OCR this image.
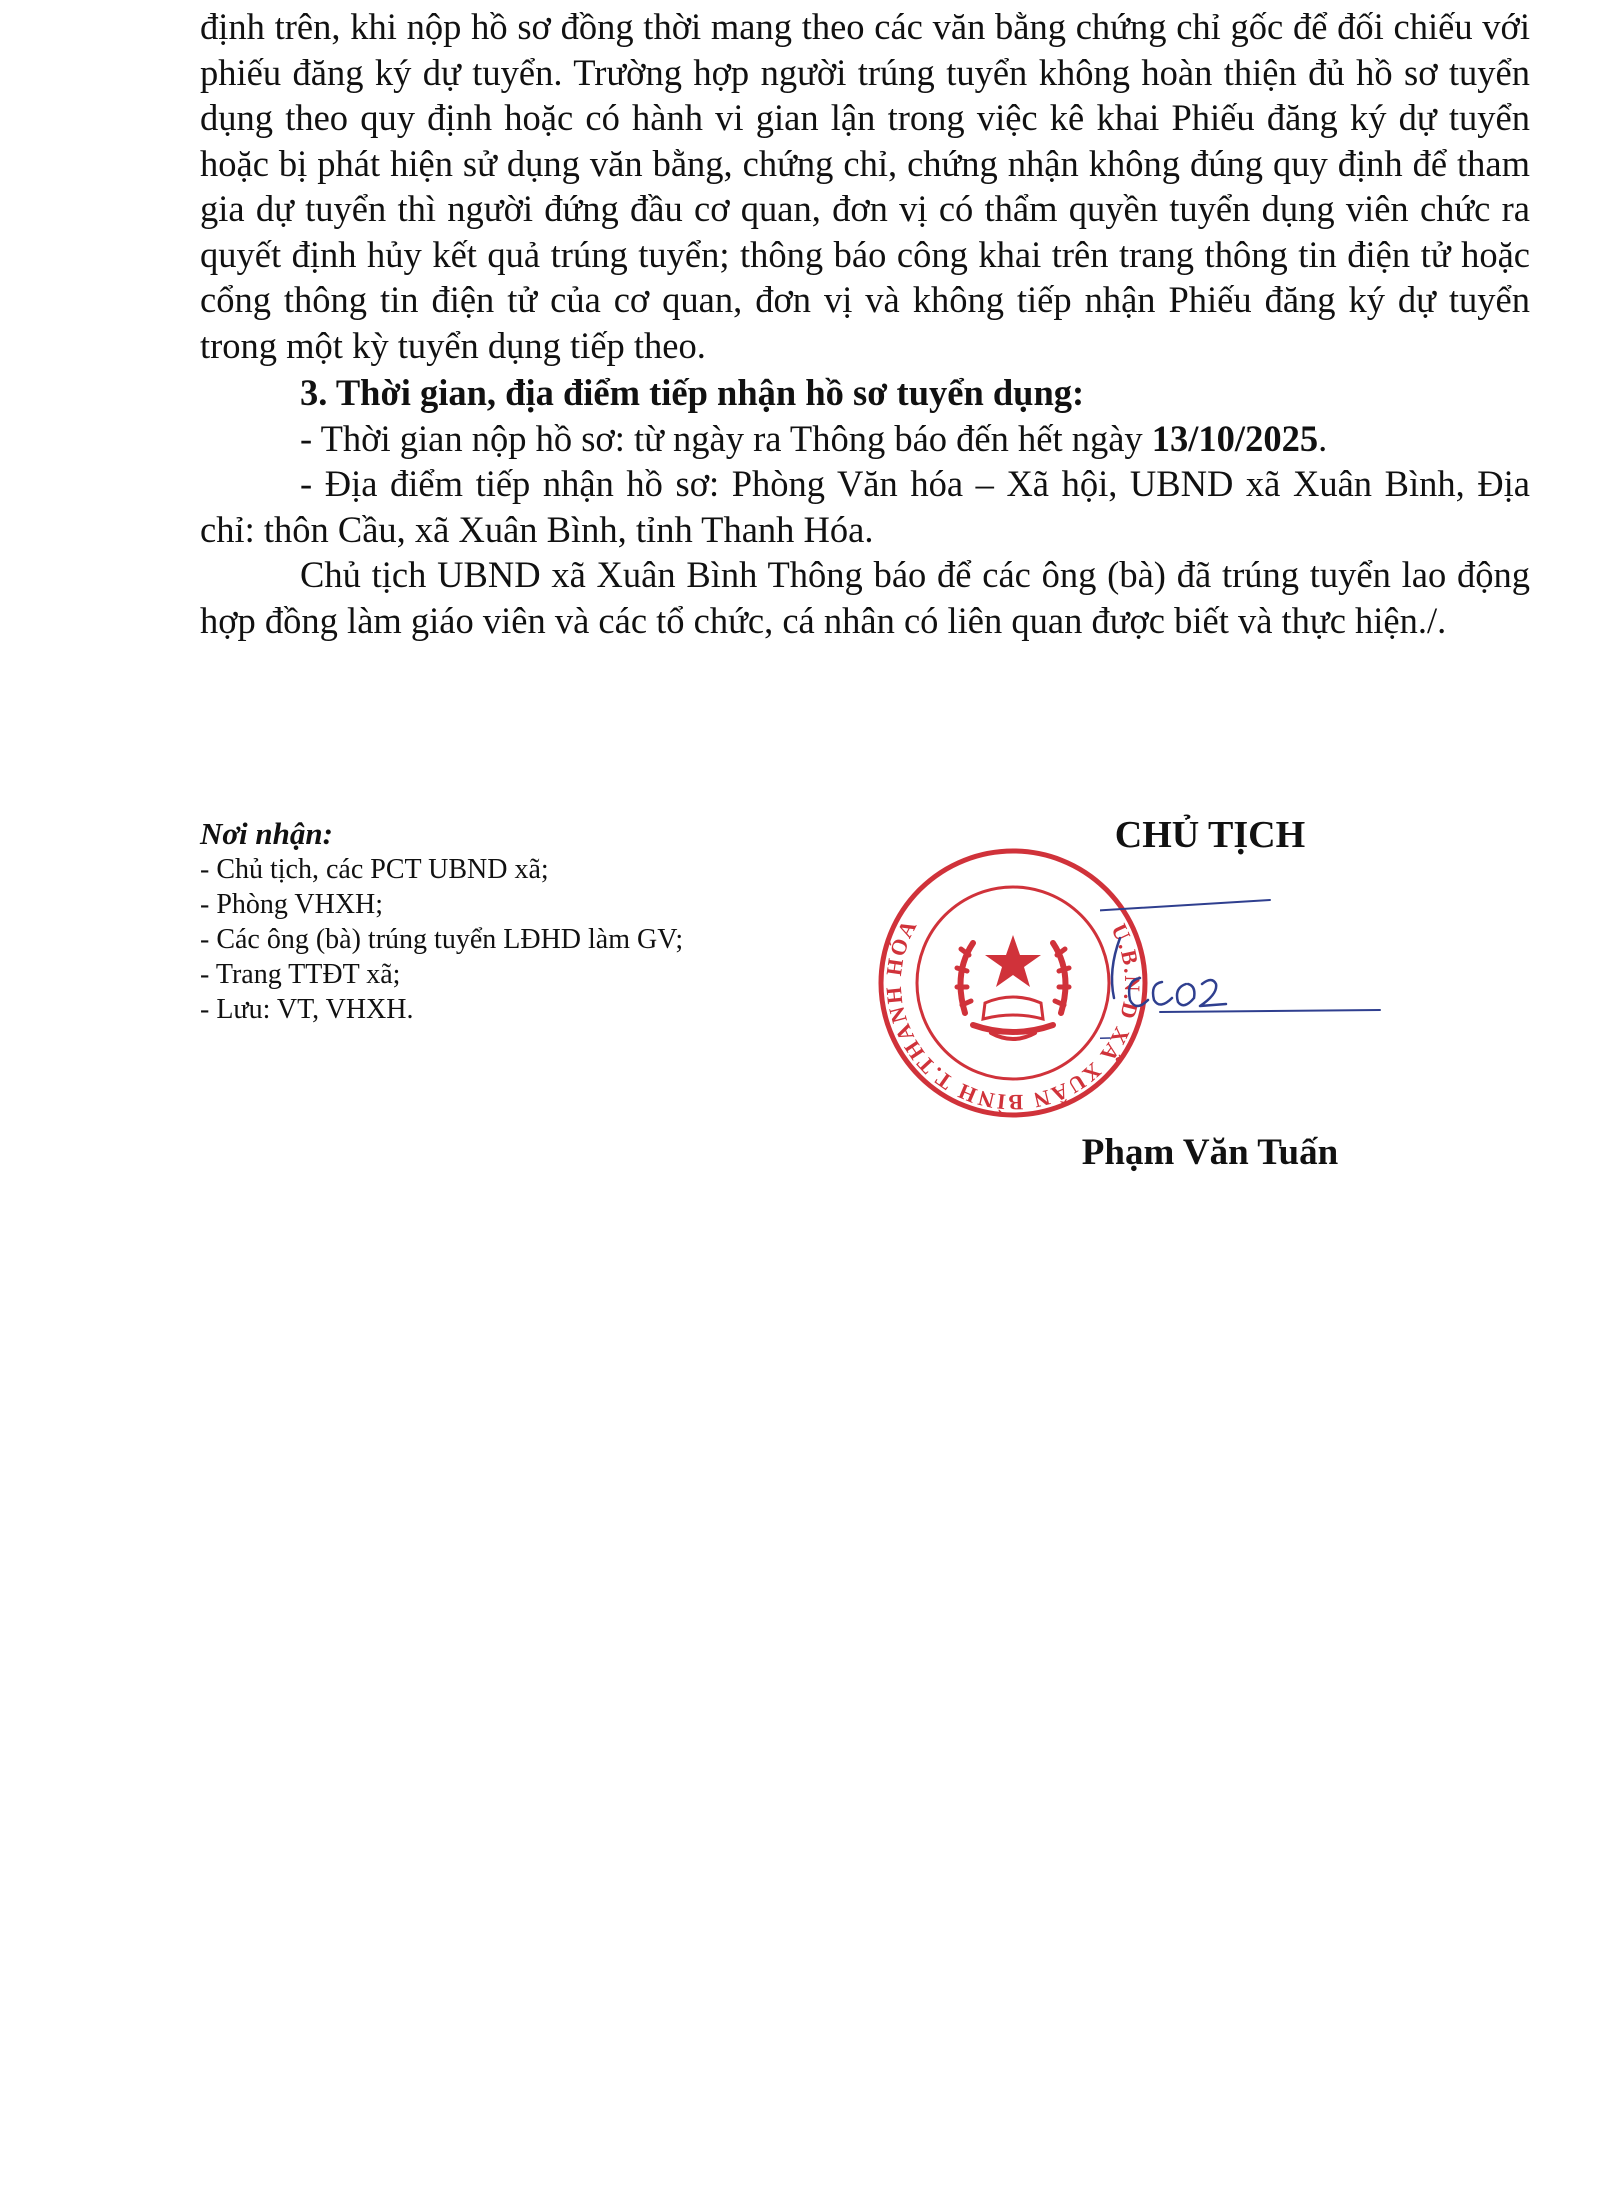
định trên, khi nộp hồ sơ đồng thời mang theo các văn bằng chứng chỉ gốc để đối chiếu với phiếu đăng ký dự tuyển. Trường hợp người trúng tuyển không hoàn thiện đủ hồ sơ tuyển dụng theo quy định hoặc có hành vi gian lận trong việc kê khai Phiếu đăng ký dự tuyển hoặc bị phát hiện sử dụng văn bằng, chứng chỉ, chứng nhận không đúng quy định để tham gia dự tuyển thì người đứng đầu cơ quan, đơn vị có thẩm quyền tuyển dụng viên chức ra quyết định hủy kết quả trúng tuyển; thông báo công khai trên trang thông tin điện tử hoặc cổng thông tin điện tử của cơ quan, đơn vị và không tiếp nhận Phiếu đăng ký dự tuyển trong một kỳ tuyển dụng tiếp theo.

3. Thời gian, địa điểm tiếp nhận hồ sơ tuyển dụng:

- Thời gian nộp hồ sơ: từ ngày ra Thông báo đến hết ngày 13/10/2025.

- Địa điểm tiếp nhận hồ sơ: Phòng Văn hóa – Xã hội, UBND xã Xuân Bình, Địa chỉ: thôn Cầu, xã Xuân Bình, tỉnh Thanh Hóa.

Chủ tịch UBND xã Xuân Bình Thông báo để các ông (bà) đã trúng tuyển lao động hợp đồng làm giáo viên và các tổ chức, cá nhân có liên quan được biết và thực hiện./.

Nơi nhận:
- Chủ tịch, các PCT UBND xã;
- Phòng VHXH;
- Các ông (bà) trúng tuyển LĐHD làm GV;
- Trang TTĐT xã;
- Lưu: VT, VHXH.
U.B.N.D XÃ XUÂN BÌNH T.THANH HÓA
CHỦ TỊCH
Phạm Văn Tuấn
